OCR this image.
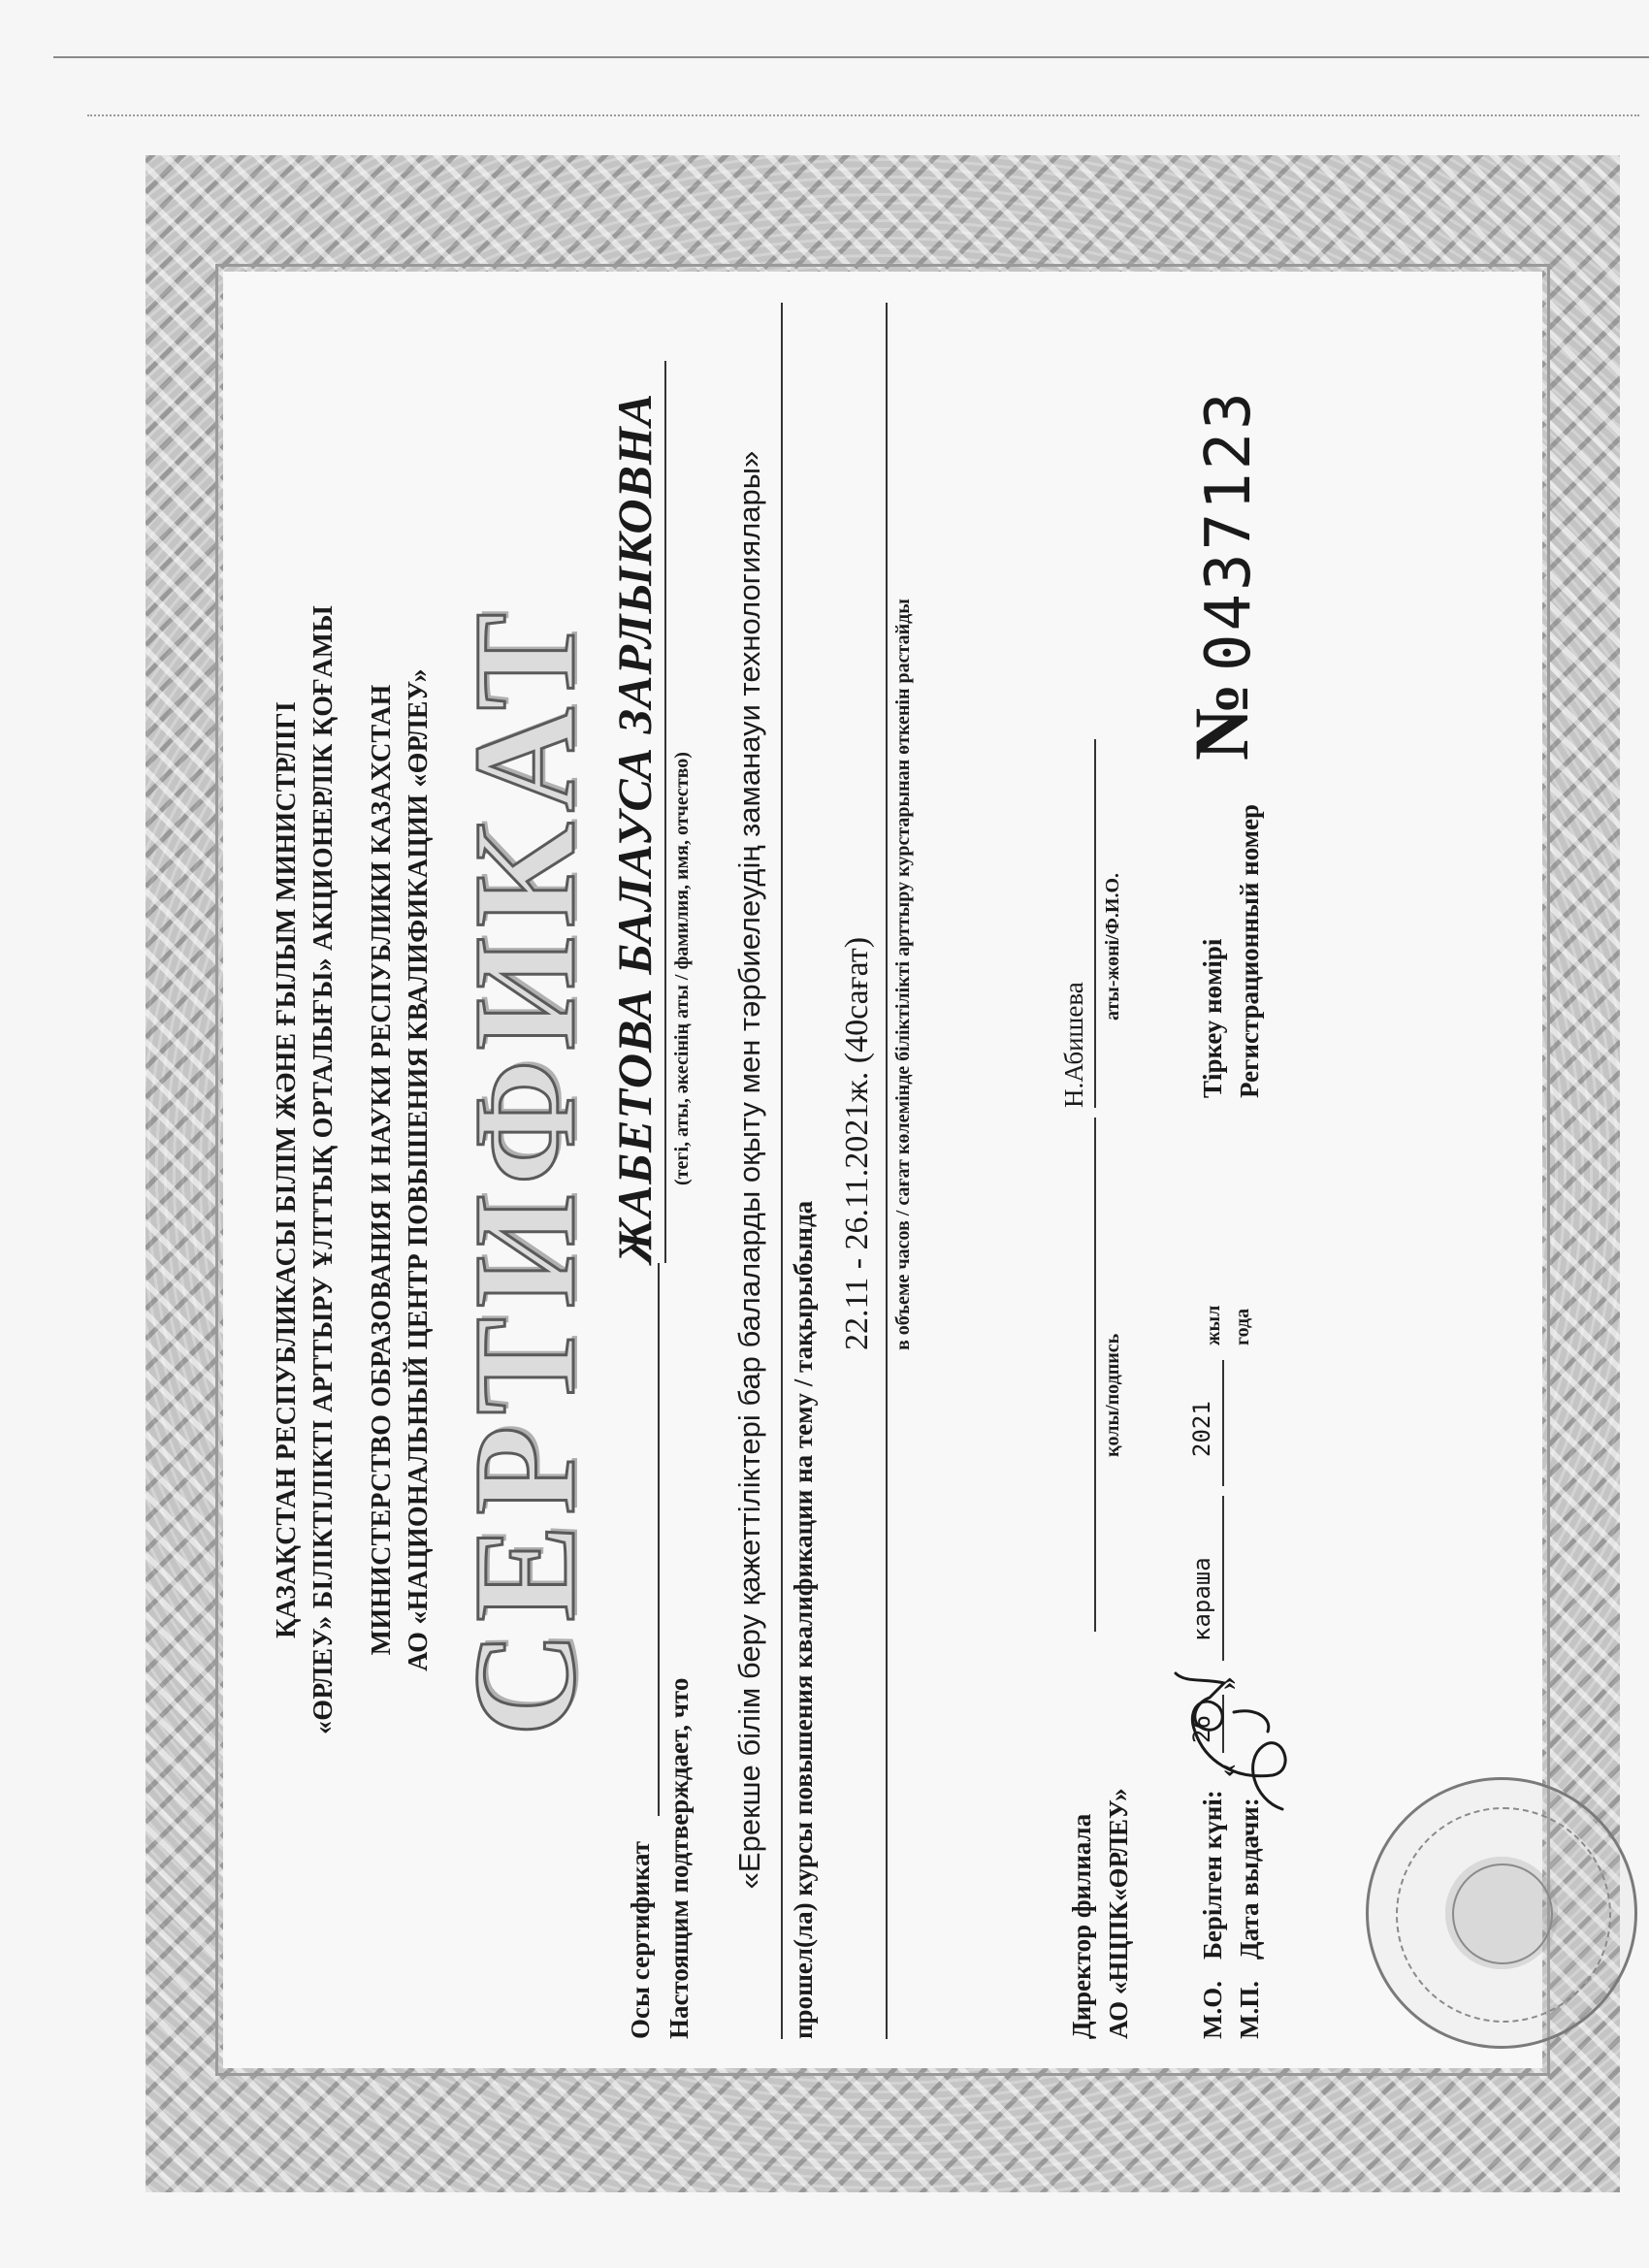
ҚАЗАҚСТАН РЕСПУБЛИКАСЫ БІЛІМ ЖӘНЕ ҒЫЛЫМ МИНИСТРЛІГІ «ӨРЛЕУ» БІЛІКТІЛІКТІ АРТТЫРУ ҰЛТТЫҚ ОРТАЛЫҒЫ» АКЦИОНЕРЛІК ҚОҒАМЫ МИНИСТЕРСТВО ОБРАЗОВАНИЯ И НАУКИ РЕСПУБЛИКИ КАЗАХСТАН АО «НАЦИОНАЛЬНЫЙ ЦЕНТР ПОВЫШЕНИЯ КВАЛИФИКАЦИИ «ӨРЛЕУ» СЕРТИФИКАТ
Осы сертификат Настоящим подтверждает, что
ЖАБЕТОВА БАЛАУСА ЗАРЛЫКОВНА (тегі, аты, әкесінің аты / фамилия, имя, отчество) «Ерекше білім беру қажеттіліктері бар балаларды оқыту мен тәрбиелеудің заманауи технологиялары» прошел(ла) курсы повышения квалификации на тему / тақырыбында
22.11 - 26.11.2021ж. (40сағат) в объеме часов / сағат көлемінде біліктілікті арттыру курстарынан өткенін растайды
Директор филиала АО «НЦПК«ӨРЛЕУ»
қолы/подпись
Н.Абишева
аты-жөні/Ф.И.О.
М.О. М.П.
Берілген күні: Дата выдачи:
«
26
»
караша
2021
жыл года
Тіркеу нөмірі Регистрационный номер
№
0437123
